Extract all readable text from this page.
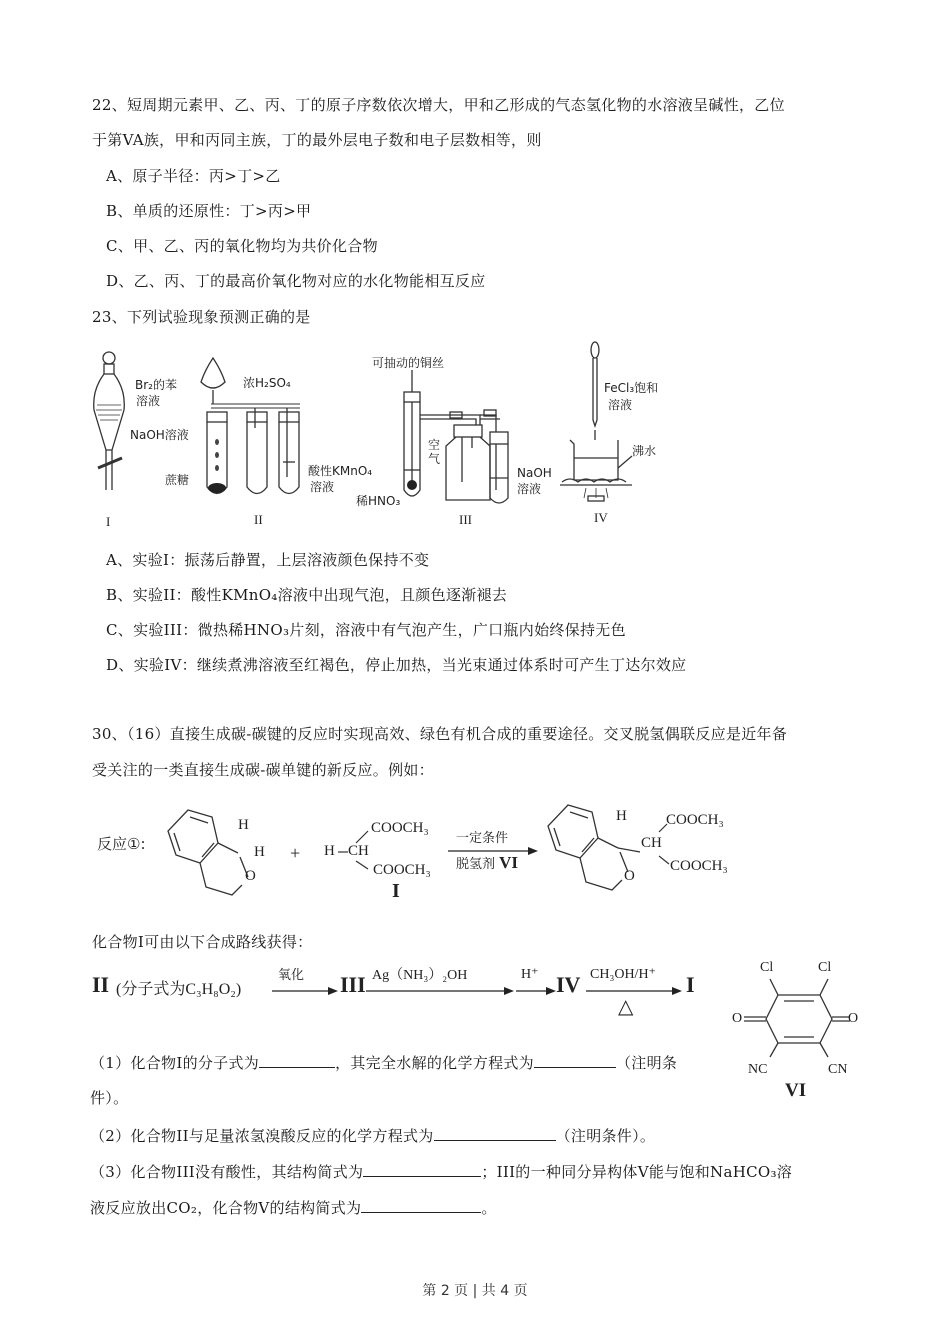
22、短周期元素甲、乙、丙、丁的原子序数依次增大，甲和乙形成的气态氢化物的水溶液呈碱性，乙位
于第VA族，甲和丙同主族，丁的最外层电子数和电子层数相等，则
A、原子半径：丙>丁>乙
B、单质的还原性：丁>丙>甲
C、甲、乙、丙的氧化物均为共价化合物
D、乙、丙、丁的最高价氧化物对应的水化物能相互反应
23、下列试验现象预测正确的是
Br₂的苯
溶液
NaOH溶液
I
浓H₂SO₄
蔗糖
酸性KMnO₄
溶液
II
可抽动的铜丝
空气
稀HNO₃
NaOH
溶液
III
FeCl₃饱和
溶液
沸水
IV
A、实验I：振荡后静置，上层溶液颜色保持不变
B、实验II：酸性KMnO₄溶液中出现气泡，且颜色逐渐褪去
C、实验III：微热稀HNO₃片刻，溶液中有气泡产生，广口瓶内始终保持无色
D、实验IV：继续煮沸溶液至红褐色，停止加热，当光束通过体系时可产生丁达尔效应
30、（16）直接生成碳-碳键的反应时实现高效、绿色有机合成的重要途径。交叉脱氢偶联反应是近年备
受关注的一类直接生成碳-碳单键的新反应。例如：
反应①:
H
H
O
+ H CH
COOCH₃
COOCH₃
I
一定条件
脱氢剂 VI
H
O
CH
COOCH₃
COOCH₃
化合物I可由以下合成路线获得：
II (分子式为C₃H₈O₂)
氧化 III Ag（NH₃）₂OH	H⁺ IV CH₃OH/H⁺
△
I
Cl	Cl
O	O
NC	CN
VI
（1）化合物I的分子式为	，其完全水解的化学方程式为	（注明条
件）。
（2）化合物II与足量浓氢溴酸反应的化学方程式为	（注明条件）。
（3）化合物III没有酸性，其结构简式为	；III的一种同分异构体V能与饱和NaHCO₃溶
液反应放出CO₂，化合物V的结构简式为	。
第 2 页 | 共 4 页
